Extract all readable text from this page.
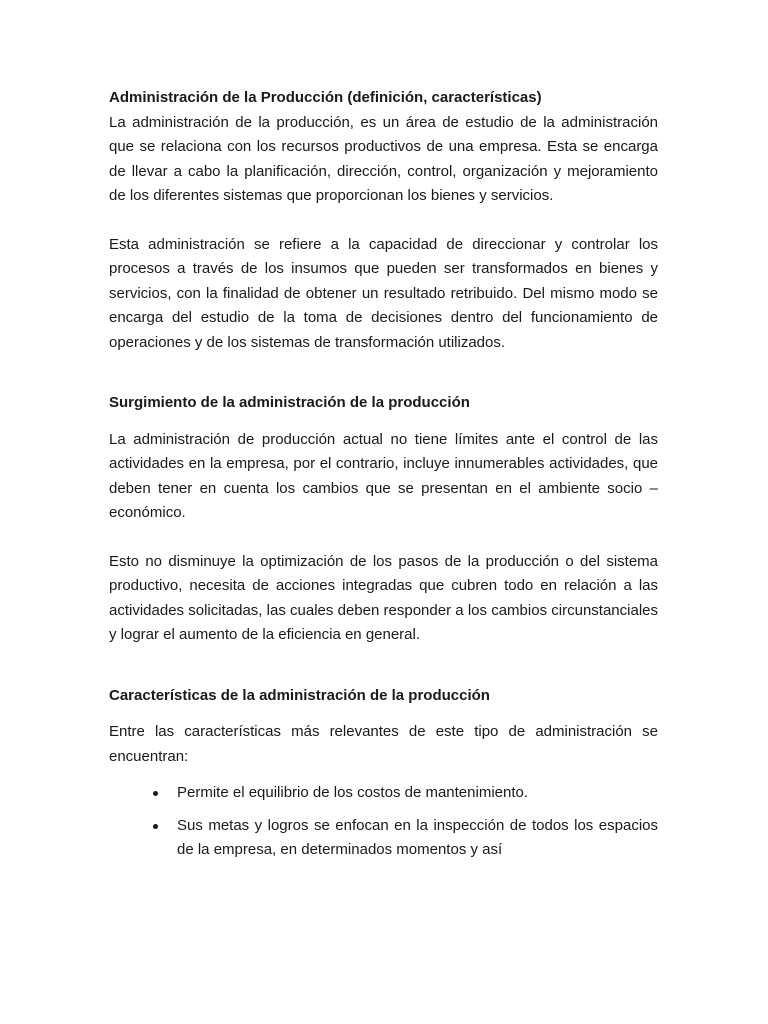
Administración de la Producción (definición, características)

La administración de la producción, es un área de estudio de la administración que se relaciona con los recursos productivos de una empresa. Esta se encarga de llevar a cabo la planificación, dirección, control, organización y mejoramiento de los diferentes sistemas que proporcionan los bienes y servicios.

Esta administración se refiere a la capacidad de direccionar y controlar los procesos a través de los insumos que pueden ser transformados en bienes y servicios, con la finalidad de obtener un resultado retribuido. Del mismo modo se encarga del estudio de la toma de decisiones dentro del funcionamiento de operaciones y de los sistemas de transformación utilizados.

Surgimiento de la administración de la producción

La administración de producción actual no tiene límites ante el control de las actividades en la empresa, por el contrario, incluye innumerables actividades, que deben tener en cuenta los cambios que se presentan en el ambiente socio – económico.

Esto no disminuye la optimización de los pasos de la producción o del sistema productivo, necesita de acciones integradas que cubren todo en relación a las actividades solicitadas, las cuales deben responder a los cambios circunstanciales y lograr el aumento de la eficiencia en general.

Características de la administración de la producción

Entre las características más relevantes de este tipo de administración se encuentran:

Permite el equilibrio de los costos de mantenimiento.
Sus metas y logros se enfocan en la inspección de todos los espacios de la empresa, en determinados momentos y así
